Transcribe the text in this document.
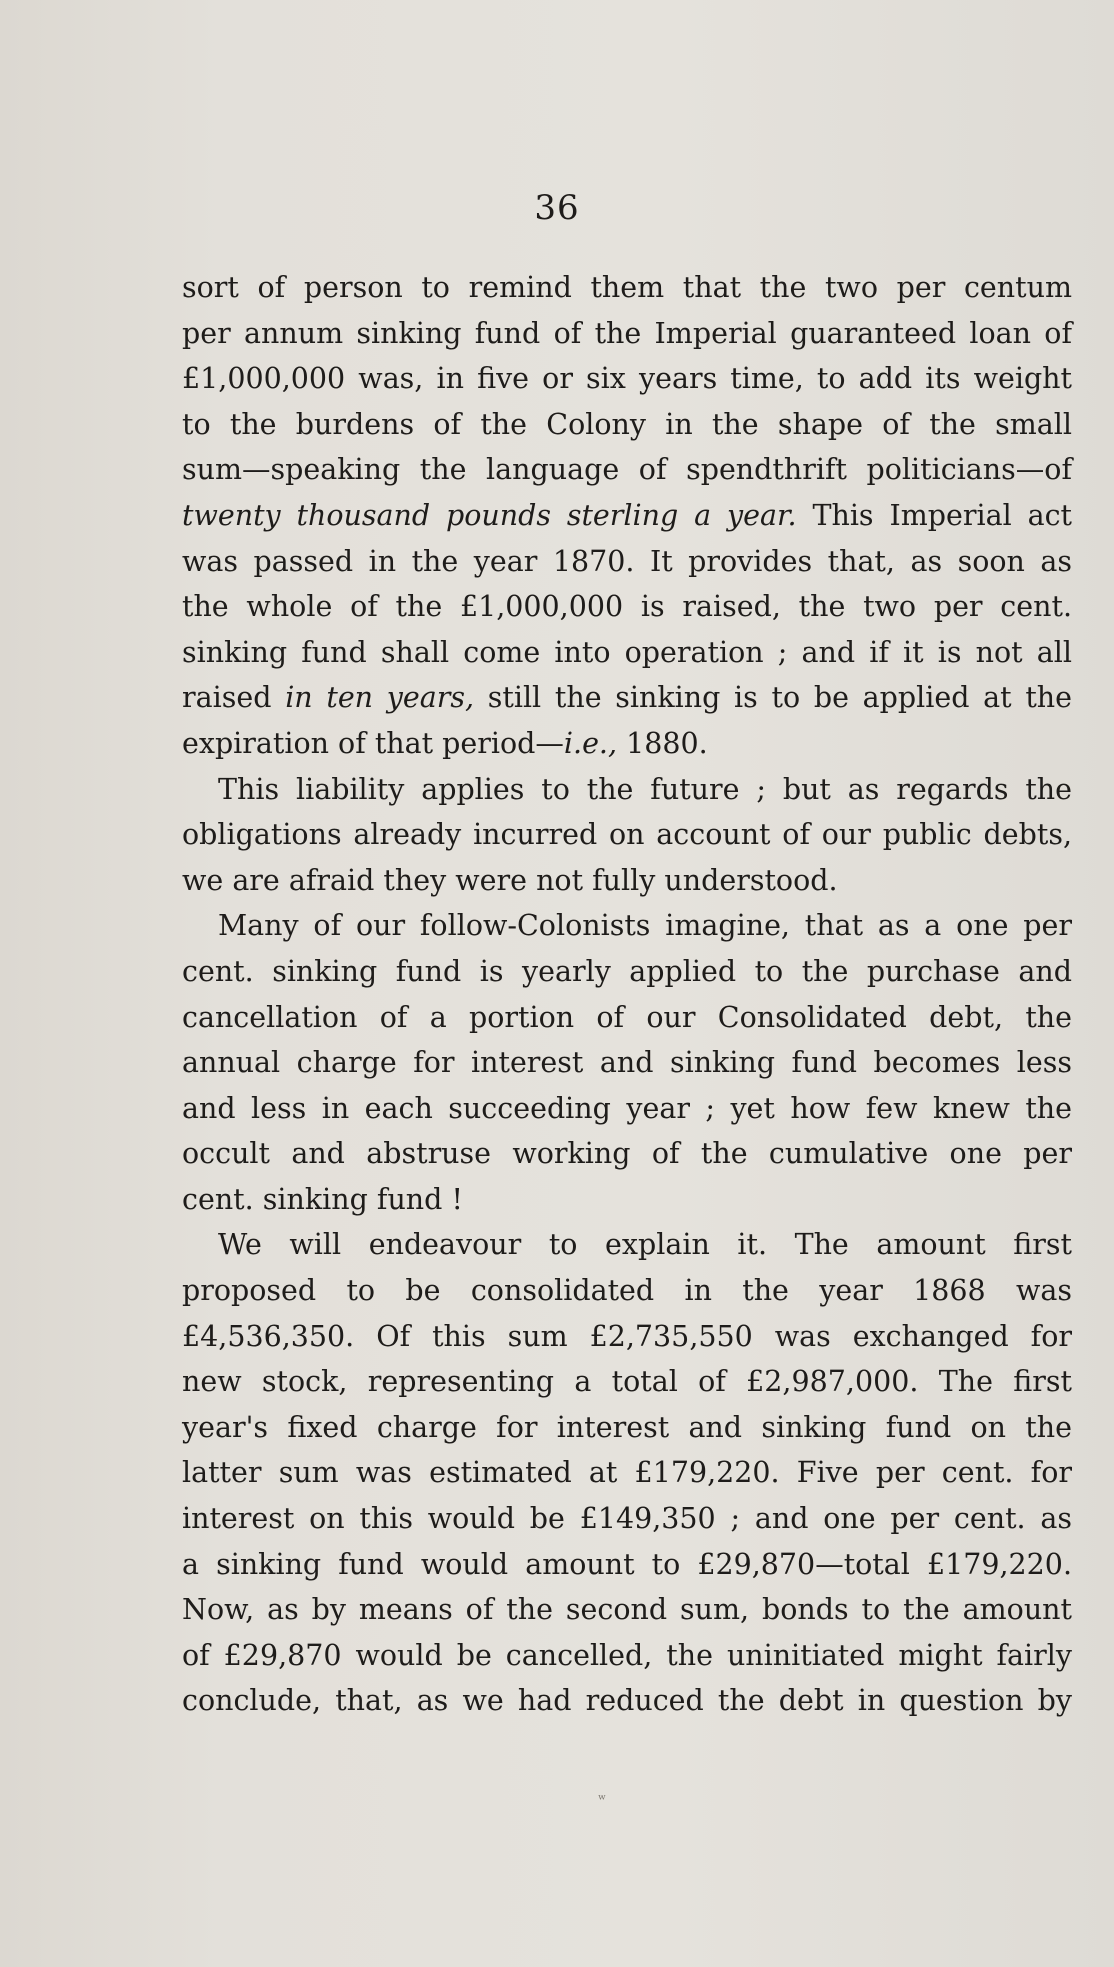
36
sort of person to remind them that the two per centum
per annum sinking fund of the Imperial guaranteed loan of
£1,000,000 was, in five or six years time, to add its weight
to the burdens of the Colony in the shape of the small
sum—speaking the language of spendthrift politicians—of
twenty thousand pounds sterling a year. This Imperial act
was passed in the year 1870. It provides that, as soon as
the whole of the £1,000,000 is raised, the two per cent.
sinking fund shall come into operation ; and if it is not all
raised in ten years, still the sinking is to be applied at the
expiration of that period—i.e., 1880.
This liability applies to the future ; but as regards the
obligations already incurred on account of our public debts,
we are afraid they were not fully understood.
Many of our follow-Colonists imagine, that as a one per
cent. sinking fund is yearly applied to the purchase and
cancellation of a portion of our Consolidated debt, the
annual charge for interest and sinking fund becomes less
and less in each succeeding year ; yet how few knew the
occult and abstruse working of the cumulative one per
cent. sinking fund !
We will endeavour to explain it. The amount first
proposed to be consolidated in the year 1868 was
£4,536,350. Of this sum £2,735,550 was exchanged for
new stock, representing a total of £2,987,000. The first
year's fixed charge for interest and sinking fund on the
latter sum was estimated at £179,220. Five per cent. for
interest on this would be £149,350 ; and one per cent. as
a sinking fund would amount to £29,870—total £179,220.
Now, as by means of the second sum, bonds to the amount
of £29,870 would be cancelled, the uninitiated might fairly
conclude, that, as we had reduced the debt in question by
ʷ
